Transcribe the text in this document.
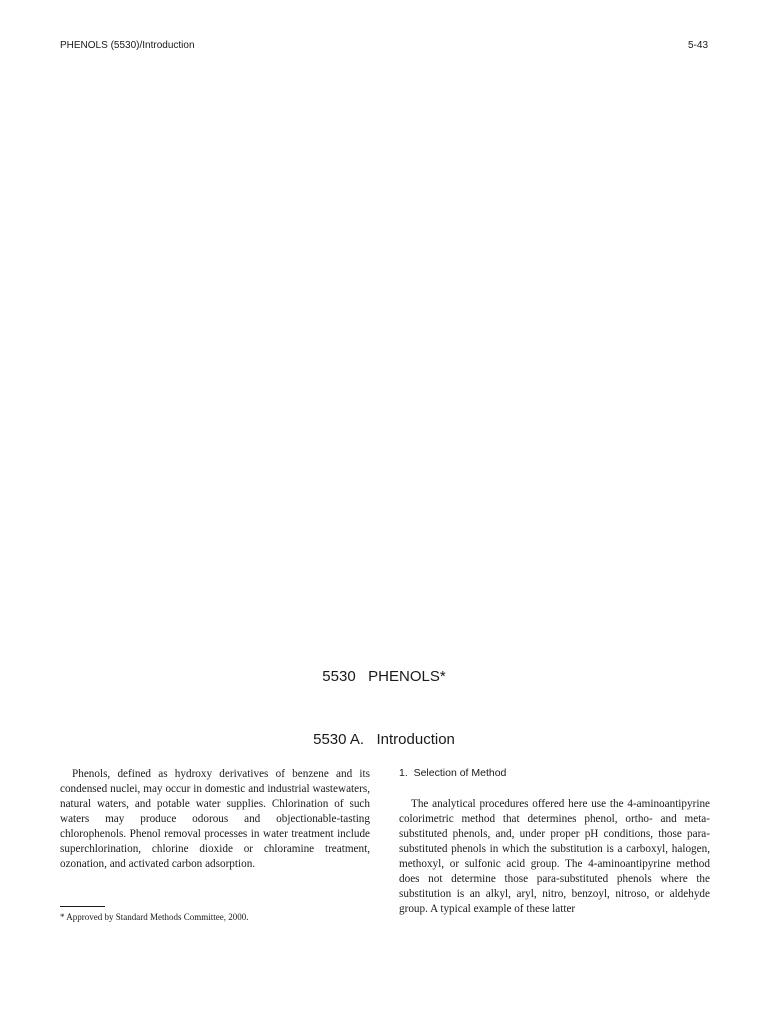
PHENOLS (5530)/Introduction	5-43
5530   PHENOLS*
5530 A.   Introduction

Phenols, defined as hydroxy derivatives of benzene and its condensed nuclei, may occur in domestic and industrial wastewaters, natural waters, and potable water supplies. Chlorination of such waters may produce odorous and objectionable-tasting chlorophenols. Phenol removal processes in water treatment include superchlorination, chlorine dioxide or chloramine treatment, ozonation, and activated carbon adsorption.

1.  Selection of Method

The analytical procedures offered here use the 4-aminoantipyrine colorimetric method that determines phenol, ortho- and meta-substituted phenols, and, under proper pH conditions, those para-substituted phenols in which the substitution is a carboxyl, halogen, methoxyl, or sulfonic acid group. The 4-aminoantipyrine method does not determine those para-substituted phenols where the substitution is an alkyl, aryl, nitro, benzoyl, nitroso, or aldehyde group. A typical example of these latter

* Approved by Standard Methods Committee, 2000.
